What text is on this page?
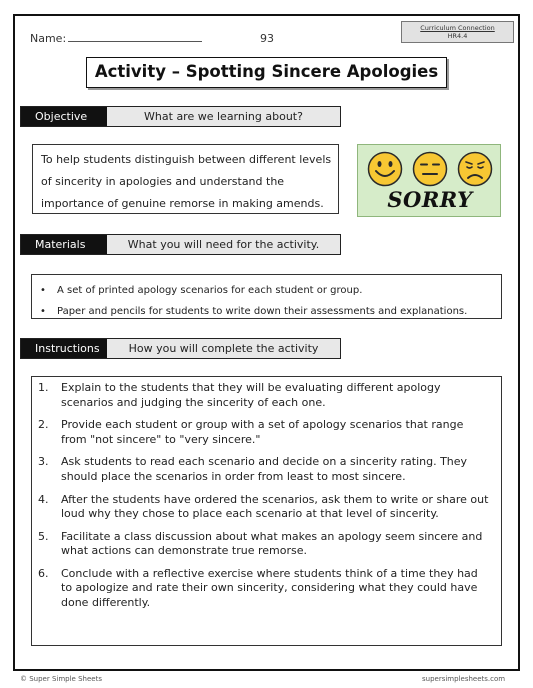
Name:	93
Curriculum Connection
HR4.4
Activity – Spotting Sincere Apologies
Objective	What are we learning about?
To help students distinguish between different levels of sincerity in apologies and understand the importance of genuine remorse in making amends.	SORRY
Materials	What you will need for the activity.
• A set of printed apology scenarios for each student or group.
• Paper and pencils for students to write down their assessments and explanations.
Instructions	How you will complete the activity
1.	Explain to the students that they will be evaluating different apology scenarios and judging the sincerity of each one.
2.	Provide each student or group with a set of apology scenarios that range from "not sincere" to "very sincere."
3.	Ask students to read each scenario and decide on a sincerity rating. They should place the scenarios in order from least to most sincere.
4.	After the students have ordered the scenarios, ask them to write or share out loud why they chose to place each scenario at that level of sincerity.
5.	Facilitate a class discussion about what makes an apology seem sincere and what actions can demonstrate true remorse.
6.	Conclude with a reflective exercise where students think of a time they had to apologize and rate their own sincerity, considering what they could have done differently.
© Super Simple Sheets	supersimplesheets.com
